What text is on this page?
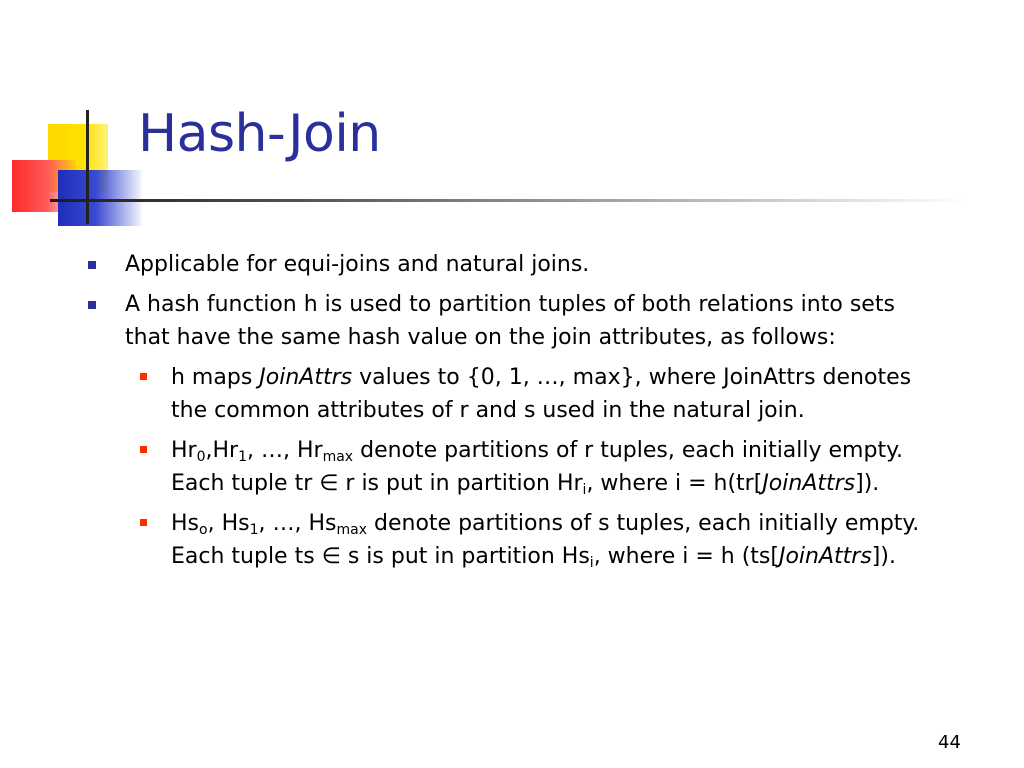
Hash-Join
Applicable for equi-joins and natural joins.
A hash function h is used to partition tuples of both relations into sets that have the same hash value on the join attributes, as follows:
h maps JoinAttrs values to {0, 1, …, max}, where JoinAttrs denotes the common attributes of r and s used in the natural join.
$Hr_0,Hr_1$, …, $Hr_{max}$ denote partitions of r tuples, each initially empty. Each tuple tr ∈ r is put in partition $Hr_i$, where i = h(tr[JoinAttrs]).
$Hs_o$, $Hs_1$, …, $Hs_{max}$ denote partitions of s tuples, each initially empty. Each tuple ts ∈ s is put in partition $Hs_i$, where i = h (ts[JoinAttrs]).
44
